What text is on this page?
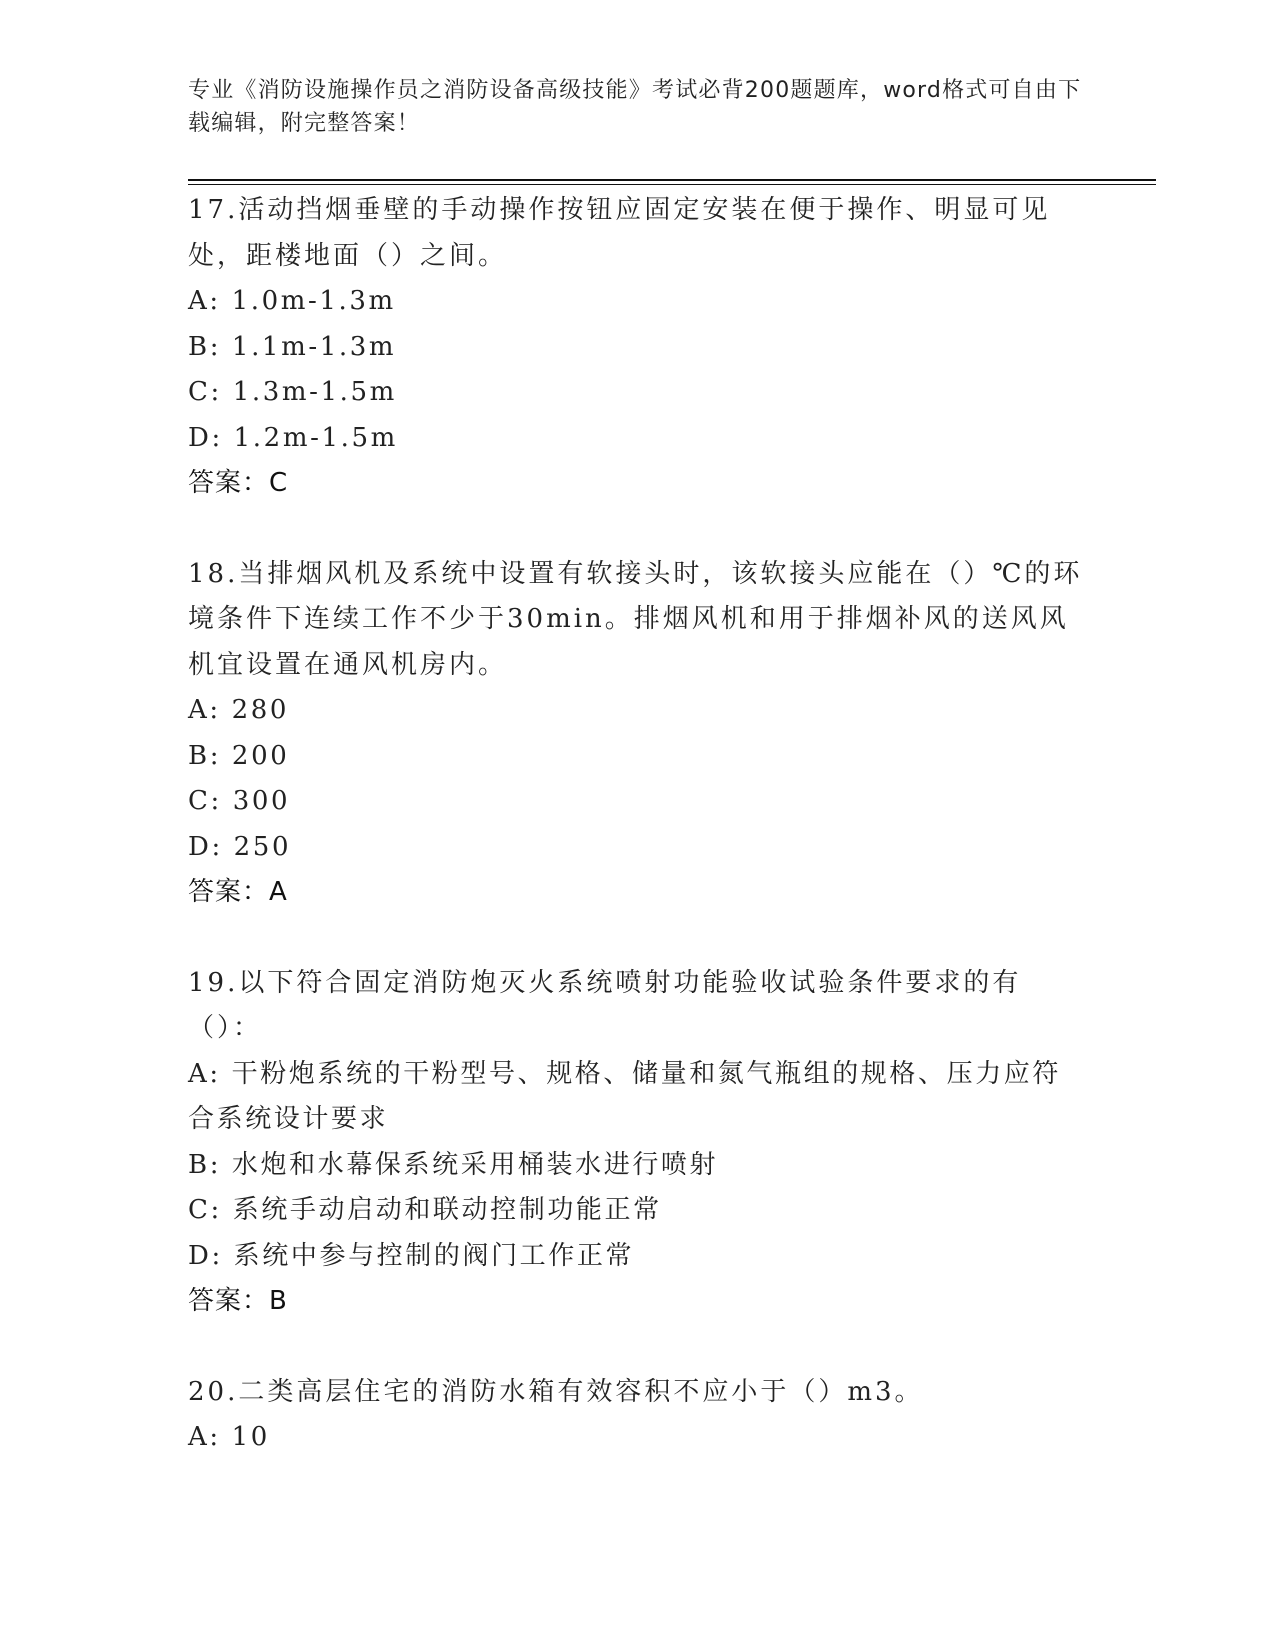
专业《消防设施操作员之消防设备高级技能》考试必背200题题库，word格式可自由下载编辑，附完整答案！
17.活动挡烟垂壁的手动操作按钮应固定安装在便于操作、明显可见处，距楼地面（）之间。
A: 1.0m-1.3m
B: 1.1m-1.3m
C: 1.3m-1.5m
D: 1.2m-1.5m
答案：C
18.当排烟风机及系统中设置有软接头时，该软接头应能在（）℃的环境条件下连续工作不少于30min。排烟风机和用于排烟补风的送风风机宜设置在通风机房内。
A: 280
B: 200
C: 300
D: 250
答案：A
19.以下符合固定消防炮灭火系统喷射功能验收试验条件要求的有（）：
A: 干粉炮系统的干粉型号、规格、储量和氮气瓶组的规格、压力应符合系统设计要求
B: 水炮和水幕保系统采用桶装水进行喷射
C: 系统手动启动和联动控制功能正常
D: 系统中参与控制的阀门工作正常
答案：B
20.二类高层住宅的消防水箱有效容积不应小于（）m3。
A: 10
